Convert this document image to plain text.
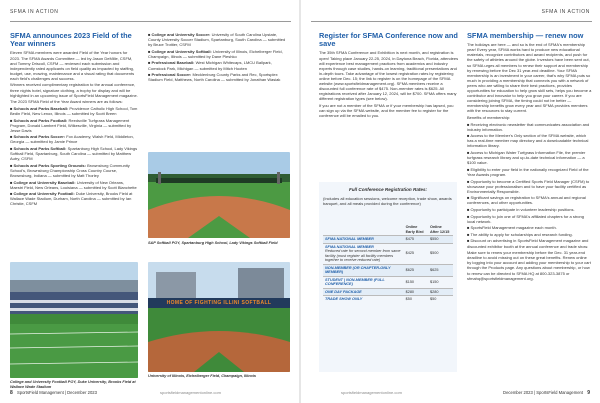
SFMA IN ACTION
SFMA announces 2023 Field of the Year winners

Eleven SFMA members were awarded Field of the Year honors for 2023. The SFMA Awards Committee — led by Jason DeMille, CSFM, and Tommy Driscoll, CSFM — reviewed each submission and independently rated applicants on field quality as impacted by staffing, budget, use, mowing, maintenance and a visual rating that documents each field's challenges and success.

Winners received complimentary registration to the annual conference, three nights hotel, signature clothing, a trophy for display and will be highlighted in an upcoming issue of SportsField Management magazine.

The 2023 SFMA Field of the Year Award winners are as follows:

■ Schools and Parks Baseball: Providence Catholic High School, Tom Bedin Field, New Lenox, Illinois — submitted by Scott Breen

■ Schools and Parks Football: Reedsville Turfgrass Management Program, Donald Lambert Field, Wilkesville, Virginia — submitted by Jesse Davis

■ Schools and Parks Soccer: Fox Academy, Walsh Field, Middleton, Georgia — submitted by Jamie Prince

■ Schools and Parks Softball: Spartanburg High School, Lady Vikings Softball Field, Spartanburg, South Carolina — submitted by Matthew Autry, CSFM

■ Schools and Parks Sporting Grounds: Brownsburg Community School's, Brownsburg Championship Cross Country Course, Brownsburg, Indiana — submitted by Matt Thorley

■ College and University Baseball: University of New Orleans, Maestri Field, New Orleans, Louisiana — submitted by Scott Blanchette

■ College and University Football: Duke University, Brooks Field at Wallace Wade Stadium, Durham, North Carolina — submitted by Ian Christie, CSFM

■ College and University Soccer: University of South Carolina Upstate, County University Soccer Stadium, Spartanburg, South Carolina — submitted by Bruce Trottier, CSFM

■ College and University Softball: University of Illinois, Eichelberger Field, Champaign, Illinois — submitted by Dane Pleshko

■ Professional Baseball: West Michigan Whitecaps, LMCU Ballpark, Comstock Park, Michigan — submitted by Mitch Hooten

■ Professional Soccer: Mecklenburg County Parks and Rec, Sportsplex Stadium Field, Matthews, North Carolina — submitted by Jonathan Wasiak

S&P Softball POY, Spartanburg High School, Lady Vikings Softball Field
College and University Football POY, Duke University, Brooks Field at Wallace Wade Stadium
HOME OF FIGHTING ILLINI SOFTBALL
University of Illinois, Eichelberger Field, Champaign, Illinois
8 SportsField Management | December 2023	sportsfieldmanagementonline.com
SFMA IN ACTION
Register for SFMA Conference now and save

The 35th SFMA Conference and Exhibition is next month, and registration is open! Taking place January 22-25, 2024, in Daytona Beach, Florida, attendees will experience best management practices from academics and industry experts through case studies, hands-on learning, traditional presentations and in-depth tours. Take advantage of the lowest registration rates by registering online before Dec. 15; the link to register is on the homepage of the SFMA website (www.sportsfieldmanagement.org). SFMA members receive a discounted full conference rate of $475. Non-member rates is $625. All registrations received after January 12, 2024, will be $700. SFMA offers many different registration types (see below).

If you are not a member of the SFMA or if your membership has lapsed, you can sign up via the SFMA website, and the member fee to register for the conference will be emailed to you.

SFMA membership — renew now

The holidays are here — and so is the end of SFMA's membership year! Every year, SFMA works hard to produce new educational materials, recognize contributors and award recipients, and push for the safety of athletes around the globe. Investors have been sent out, so SFMA urges all members to renew their support and membership by renewing before the Dec 31 year-end deadline. Your SFMA membership is an investment in your career, that's why SFMA puts so much in providing a membership that connects you with a network of peers who are willing to share their best practices, provides opportunities for education to help grow skill sets, helps you become a contributor and innovator to help you grow your career. If you are considering joining SFMA, the timing could not be better — membership benefits grow every year and SFMA provides members with the resources to stay current.

Benefits of membership:

■ Receiving electronic newsletter that communicates association and industry information.

■ Access to the Member's Only section of the SFMA website, which has a real-time member map directory and a downloadable technical information library.

■ Access to Michigan Water Turfgrass Information File, the premier turfgrass research library and up-to-date technical information — a $100 value.

■ Eligibility to enter your field in the nationally recognized Field of the Year Awards program.

■ Opportunity to become a Certified Sports Field Manager (CSFM) to showcase your professionalism and to have your facility certified as Environmentally Responsible.

■ Significant savings on registration to SFMA's annual and regional conferences, and other opportunities.

■ Opportunity to participate in volunteer leadership positions.

■ Opportunity to join one of SFMA's affiliated chapters for a strong local network.

■ SportsField Management magazine each month.

■ The ability to apply for scholarships and research funding.

■ Discount on advertising in SportsField Management magazine and discounted exhibitor booth at the annual conference and trade show.

Make sure to renew your membership before the Dec. 31 year-end deadline to avoid missing out on these great benefits. Renew online by logging into your account and adding your membership to your cart through the Products page. Any questions about membership, or how to renew can be directed to SFMA HQ at 800-323-3875 or sfmahq@sportsfieldmanagement.org.

December 2023 | SportsField Management 9
sportsfieldmanagementonline.com
Full Conference Registration Rates:
(Includes all education sessions, welcome reception, trade show, awards banquet, and all meals provided during the conference)
	Online Early Bird	Online After 12/15
SFMA NATIONAL MEMBER	$475	$550
SFMA NATIONAL MEMBER
Reduced rate for second member from same facility (must register all facility members together to receive reduced rate)	$425	$500
NON-MEMBER (OR CHAPTER-ONLY MEMBER)	$625	$625
STUDENT | NON-MEMBER (FULL CONFERENCE)	$150	$150
ONE DAY PACKAGE	$280	$280
TRADE SHOW ONLY	$50	$50
